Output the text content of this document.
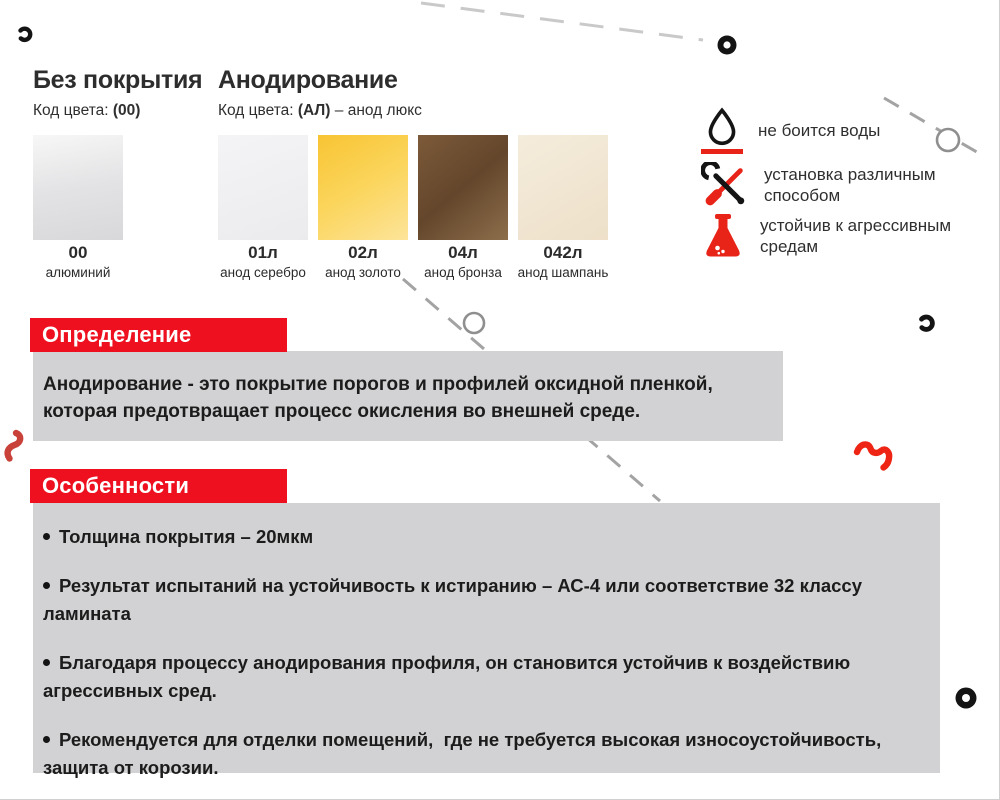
Без покрытия
Код цвета: (00)
Анодирование
Код цвета: (АЛ) – анод люкс
00
алюминий
01л
анод серебро
02л
анод золото
04л
анод бронза
042л
анод шампань
не боится воды
установка различным способом
устойчив к агрессивным средам
Определение
Анодирование - это покрытие порогов и профилей оксидной пленкой,
которая предотвращает процесс окисления во внешней среде.
Особенности
Толщина покрытия – 20мкм
Результат испытаний на устойчивость к истиранию – АС-4 или соответствие 32 классу
ламината
Благодаря процессу анодирования профиля, он становится устойчив к воздействию
агрессивных сред.
Рекомендуется для отделки помещений,  где не требуется высокая износоустойчивость,
защита от корозии.
